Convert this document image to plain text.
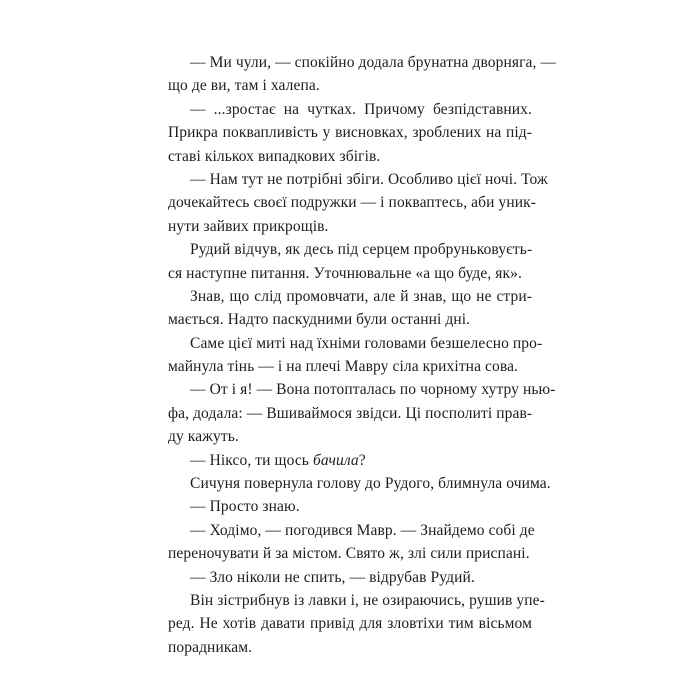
— Ми чули, — спокійно додала брунатна дворняга, —
що де ви, там і халепа.
— ...зростає на чутках. Причому безпідставних.
Прикра поквапливість у висновках, зроблених на під-
ставі кількох випадкових збігів.
— Нам тут не потрібні збіги. Особливо цієї ночі. Тож
дочекайтесь своєї подружки — і покваптесь, аби уник-
нути зайвих прикрощів.
Рудий відчув, як десь під серцем пробруньковуєть-
ся наступне питання. Уточнювальне «а що буде, як».
Знав, що слід промовчати, але й знав, що не стри-
мається. Надто паскудними були останні дні.
Саме цієї миті над їхніми головами безшелесно про-
майнула тінь — і на плечі Мавру сіла крихітна сова.
— От і я! — Вона потопталась по чорному хутру нью-
фа, додала: — Вшиваймося звідси. Ці посполиті прав-
ду кажуть.
— Ніксо, ти щось бачила?
Сичуня повернула голову до Рудого, блимнула очима.
— Просто знаю.
— Ходімо, — погодився Мавр. — Знайдемо собі де
переночувати й за містом. Свято ж, злі сили приспані.
— Зло ніколи не спить, — відрубав Рудий.
Він зістрибнув із лавки і, не озираючись, рушив упе-
ред. Не хотів давати привід для зловтіхи тим вісьмом
порадникам.
